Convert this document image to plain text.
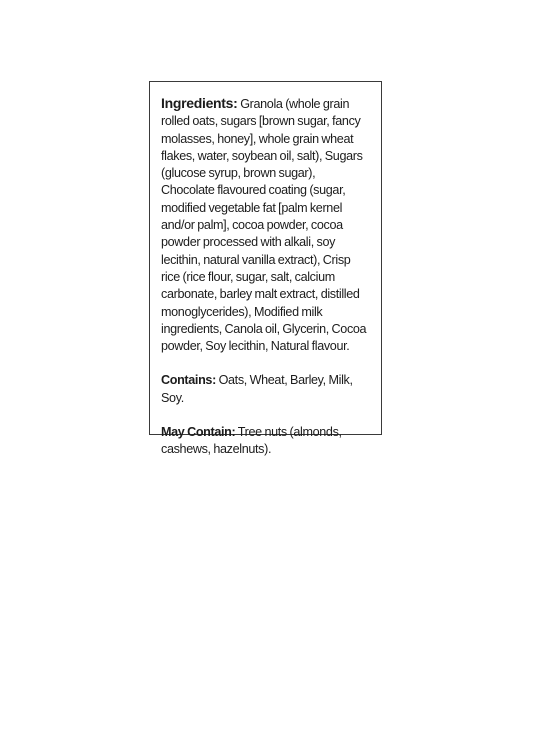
Ingredients: Granola (whole grain rolled oats, sugars [brown sugar, fancy molasses, honey], whole grain wheat flakes, water, soybean oil, salt), Sugars (glucose syrup, brown sugar), Chocolate flavoured coating (sugar, modified vegetable fat [palm kernel and/or palm], cocoa powder, cocoa powder processed with alkali, soy lecithin, natural vanilla extract), Crisp rice (rice flour, sugar, salt, calcium carbonate, barley malt extract, distilled monoglycerides), Modified milk ingredients, Canola oil, Glycerin, Cocoa powder, Soy lecithin, Natural flavour.

Contains: Oats, Wheat, Barley, Milk, Soy.

May Contain: Tree nuts (almonds, cashews, hazelnuts).
